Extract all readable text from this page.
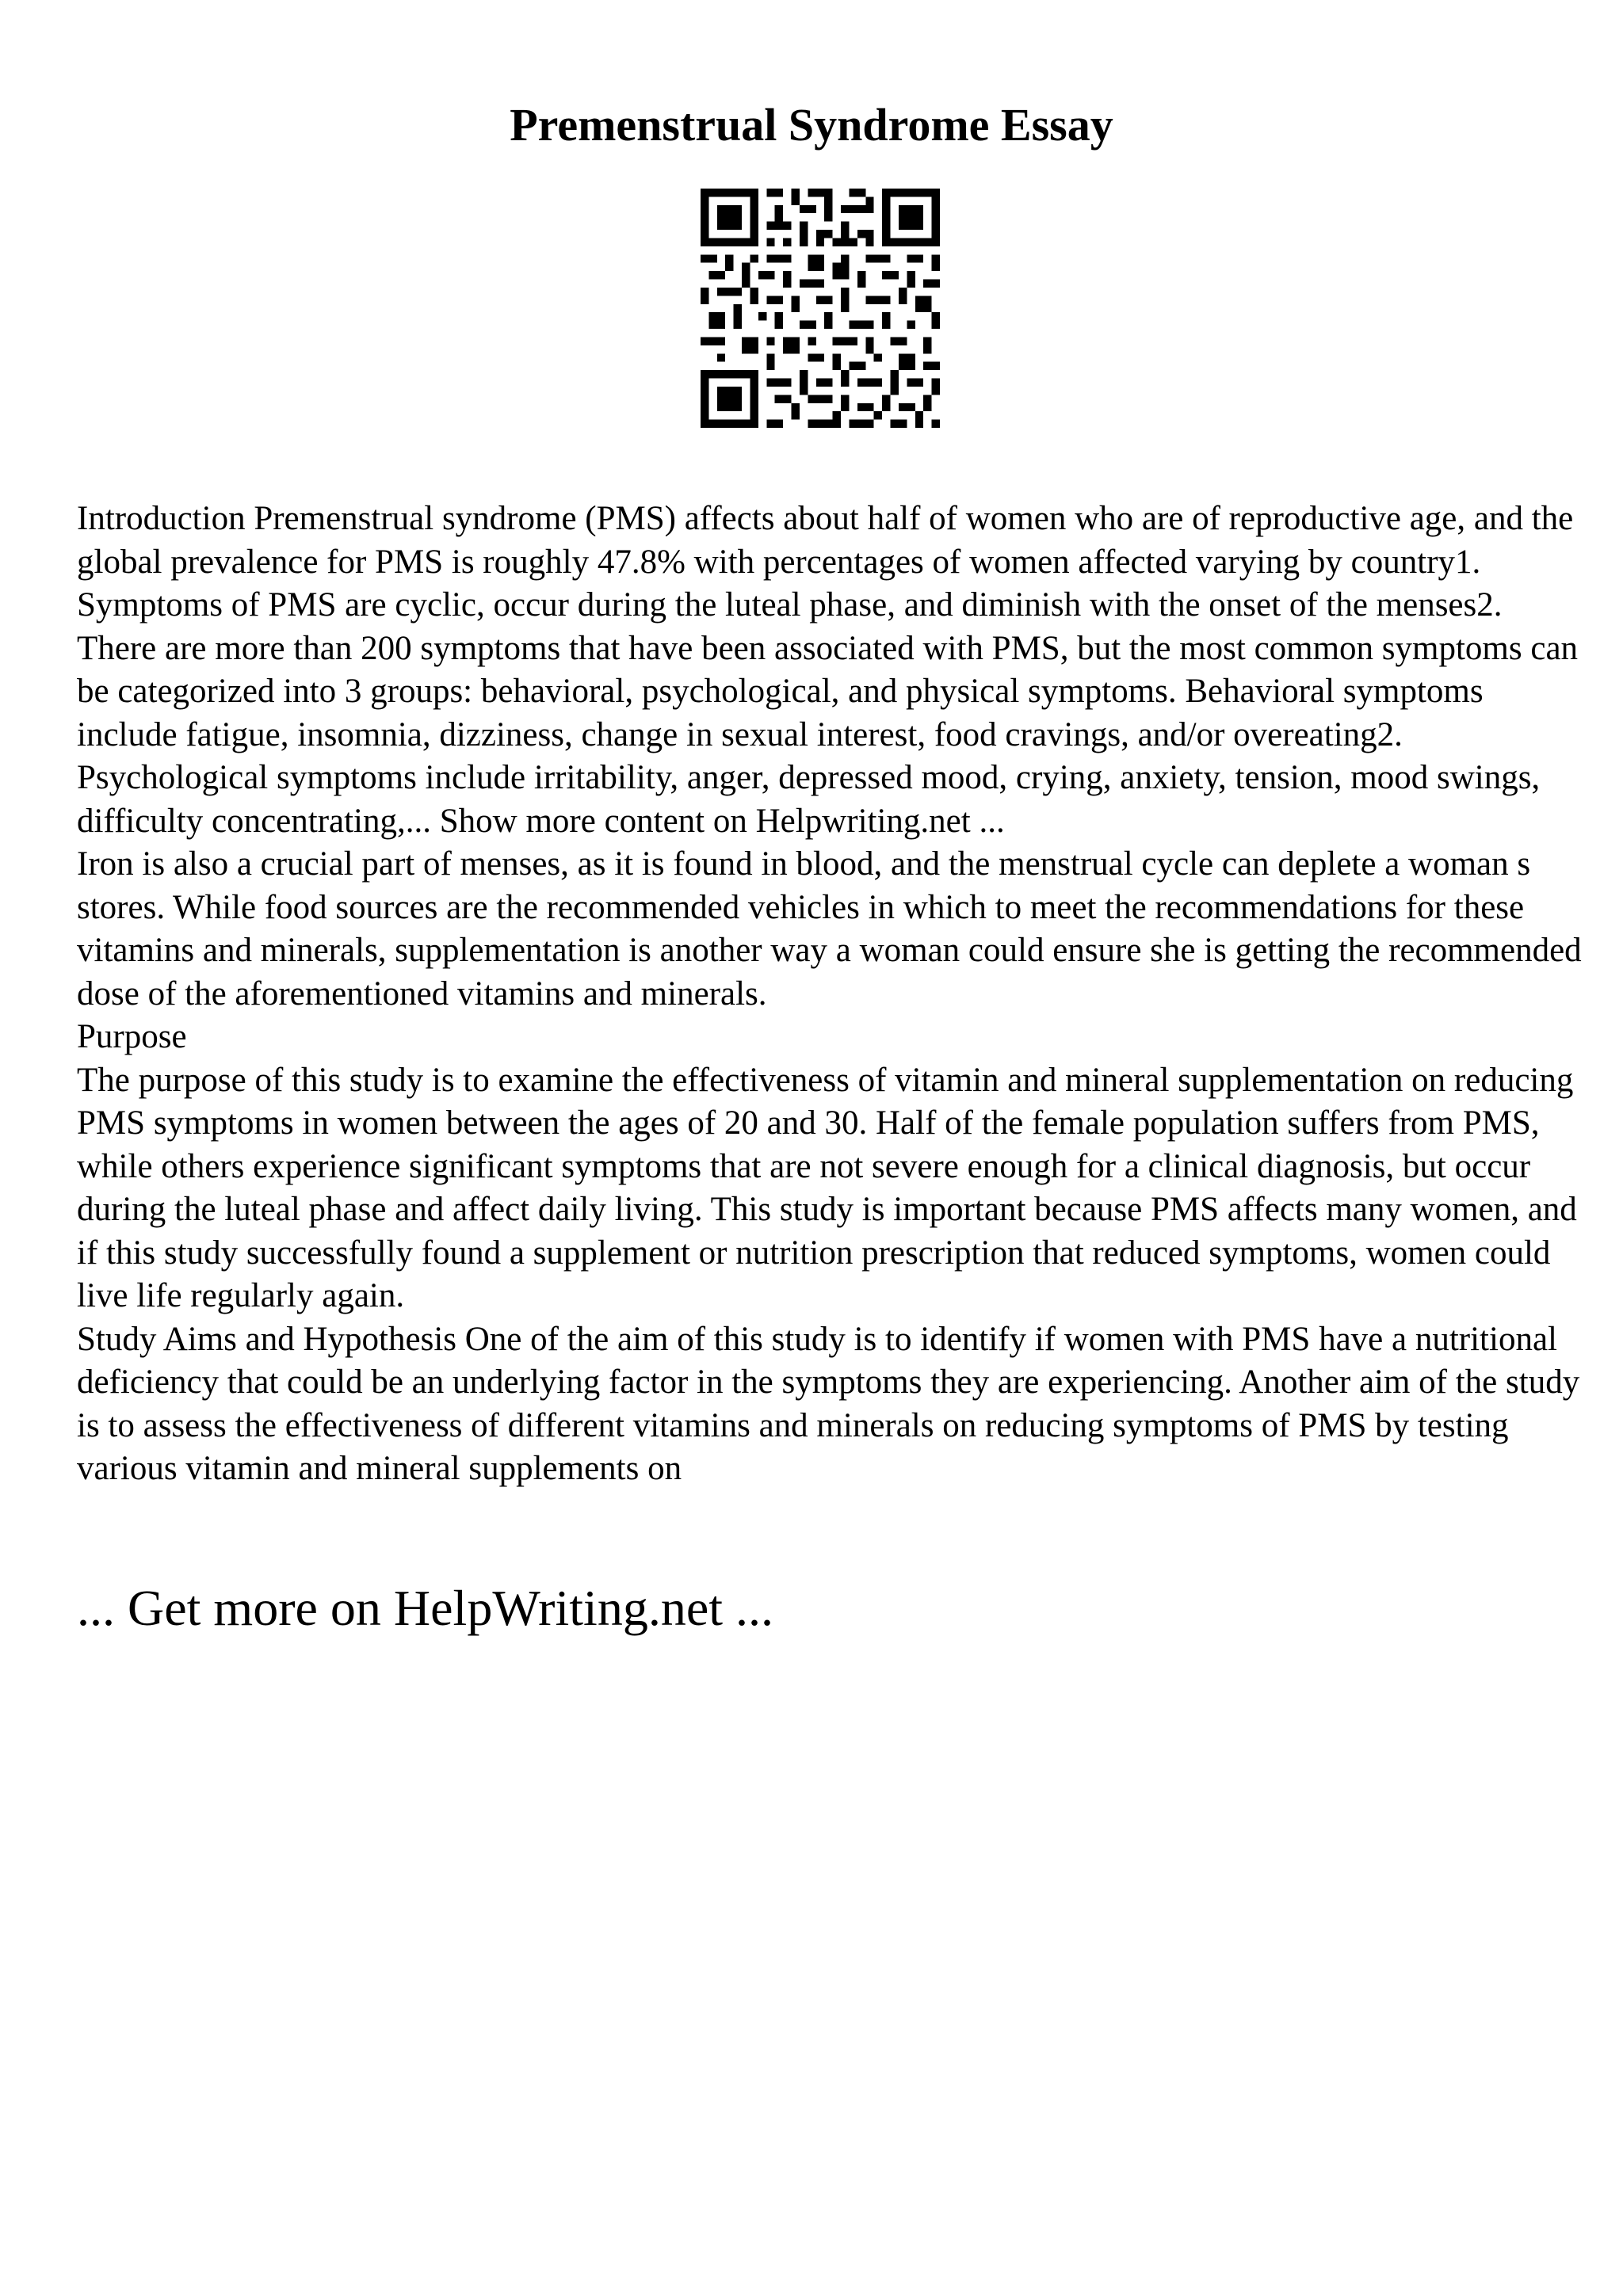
Premenstrual Syndrome Essay

Introduction Premenstrual syndrome (PMS) affects about half of women who are of reproductive age, and the global prevalence for PMS is roughly 47.8% with percentages of women affected varying by country1. Symptoms of PMS are cyclic, occur during the luteal phase, and diminish with the onset of the menses2. There are more than 200 symptoms that have been associated with PMS, but the most common symptoms can be categorized into 3 groups: behavioral, psychological, and physical symptoms. Behavioral symptoms include fatigue, insomnia, dizziness, change in sexual interest, food cravings, and/or overeating2. Psychological symptoms include irritability, anger, depressed mood, crying, anxiety, tension, mood swings, difficulty concentrating,... Show more content on Helpwriting.net ...

Iron is also a crucial part of menses, as it is found in blood, and the menstrual cycle can deplete a woman s stores. While food sources are the recommended vehicles in which to meet the recommendations for these vitamins and minerals, supplementation is another way a woman could ensure she is getting the recommended dose of the aforementioned vitamins and minerals.

Purpose

The purpose of this study is to examine the effectiveness of vitamin and mineral supplementation on reducing PMS symptoms in women between the ages of 20 and 30. Half of the female population suffers from PMS, while others experience significant symptoms that are not severe enough for a clinical diagnosis, but occur during the luteal phase and affect daily living. This study is important because PMS affects many women, and if this study successfully found a supplement or nutrition prescription that reduced symptoms, women could live life regularly again.

Study Aims and Hypothesis One of the aim of this study is to identify if women with PMS have a nutritional deficiency that could be an underlying factor in the symptoms they are experiencing. Another aim of the study is to assess the effectiveness of different vitamins and minerals on reducing symptoms of PMS by testing various vitamin and mineral supplements on

... Get more on HelpWriting.net ...
